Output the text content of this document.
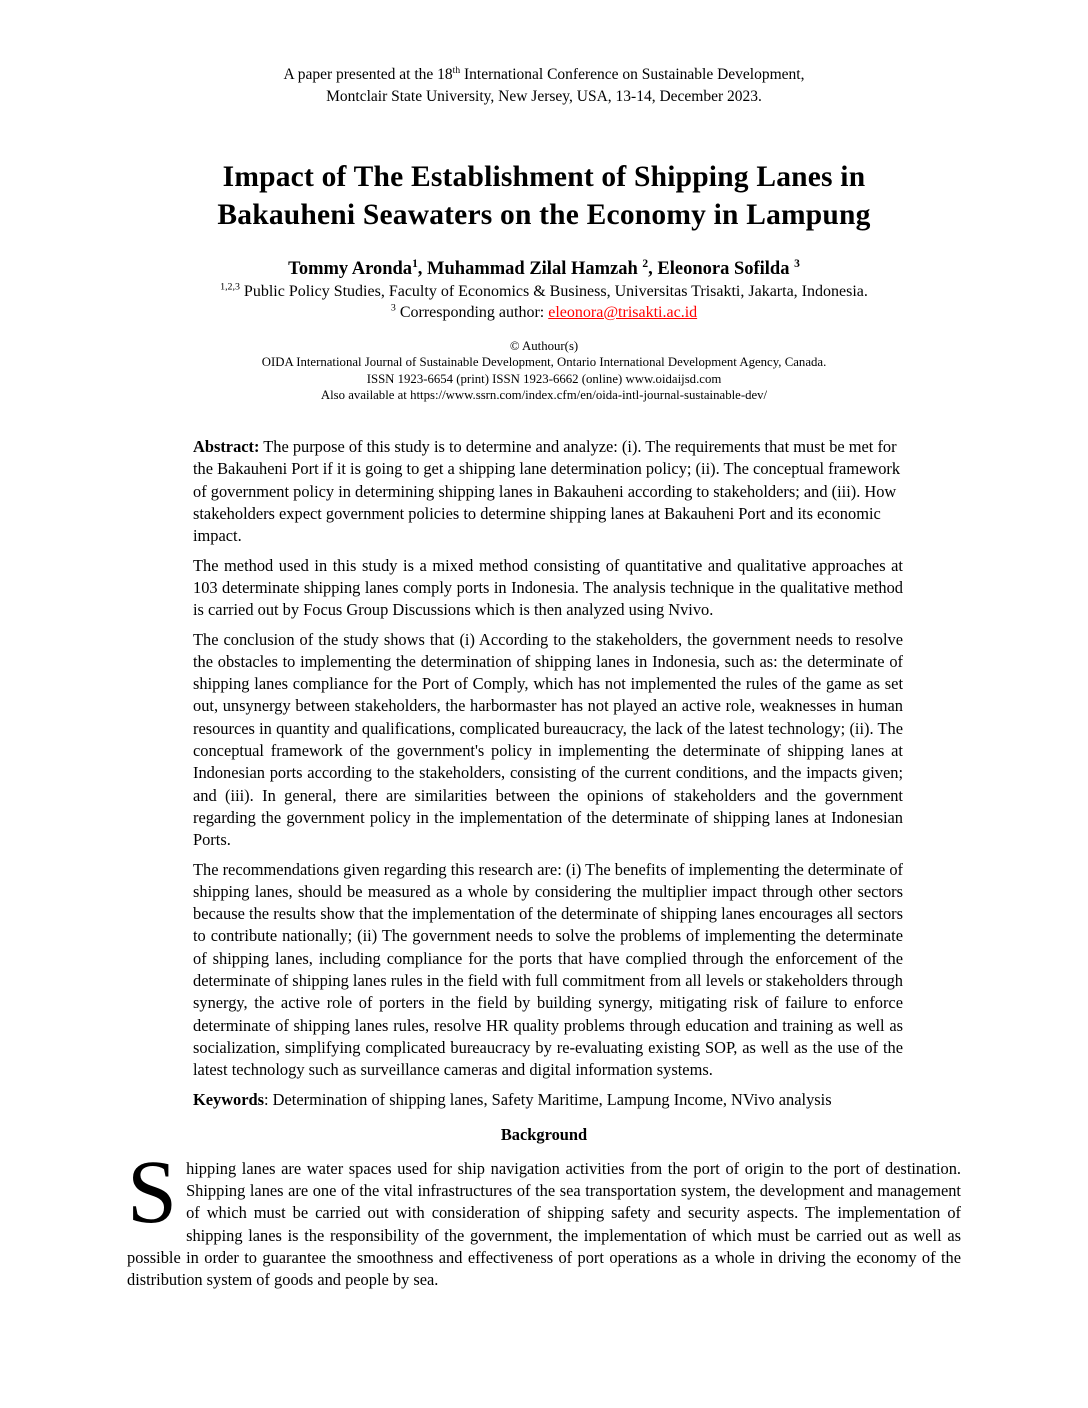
A paper presented at the 18th International Conference on Sustainable Development,
Montclair State University, New Jersey, USA, 13-14, December 2023.
Impact of The Establishment of Shipping Lanes in
Bakauheni Seawaters on the Economy in Lampung
Tommy Aronda$^1$, Muhammad Zilal Hamzah $^2$, Eleonora Sofilda $^3$
$^{1,2,3}$ Public Policy Studies, Faculty of Economics & Business, Universitas Trisakti, Jakarta, Indonesia.
$^3$ Corresponding author: eleonora@trisakti.ac.id
© Authour(s)
OIDA International Journal of Sustainable Development, Ontario International Development Agency, Canada.
ISSN 1923-6654 (print) ISSN 1923-6662 (online) www.oidaijsd.com
Also available at https://www.ssrn.com/index.cfm/en/oida-intl-journal-sustainable-dev/

Abstract: The purpose of this study is to determine and analyze: (i). The requirements that must be met for the Bakauheni Port if it is going to get a shipping lane determination policy; (ii). The conceptual framework of government policy in determining shipping lanes in Bakauheni according to stakeholders; and (iii). How stakeholders expect government policies to determine shipping lanes at Bakauheni Port and its economic impact.

The method used in this study is a mixed method consisting of quantitative and qualitative approaches at 103 determinate shipping lanes comply ports in Indonesia. The analysis technique in the qualitative method is carried out by Focus Group Discussions which is then analyzed using Nvivo.

The conclusion of the study shows that (i) According to the stakeholders, the government needs to resolve the obstacles to implementing the determination of shipping lanes in Indonesia, such as: the determinate of shipping lanes compliance for the Port of Comply, which has not implemented the rules of the game as set out, unsynergy between stakeholders, the harbormaster has not played an active role, weaknesses in human resources in quantity and qualifications, complicated bureaucracy, the lack of the latest technology; (ii). The conceptual framework of the government's policy in implementing the determinate of shipping lanes at Indonesian ports according to the stakeholders, consisting of the current conditions, and the impacts given; and (iii). In general, there are similarities between the opinions of stakeholders and the government regarding the government policy in the implementation of the determinate of shipping lanes at Indonesian Ports.

The recommendations given regarding this research are: (i) The benefits of implementing the determinate of shipping lanes, should be measured as a whole by considering the multiplier impact through other sectors because the results show that the implementation of the determinate of shipping lanes encourages all sectors to contribute nationally; (ii) The government needs to solve the problems of implementing the determinate of shipping lanes, including compliance for the ports that have complied through the enforcement of the determinate of shipping lanes rules in the field with full commitment from all levels or stakeholders through synergy, the active role of porters in the field by building synergy, mitigating risk of failure to enforce determinate of shipping lanes rules, resolve HR quality problems through education and training as well as socialization, simplifying complicated bureaucracy by re-evaluating existing SOP, as well as the use of the latest technology such as surveillance cameras and digital information systems.

Keywords: Determination of shipping lanes, Safety Maritime, Lampung Income, NVivo analysis

Background
Shipping lanes are water spaces used for ship navigation activities from the port of origin to the port of destination. Shipping lanes are one of the vital infrastructures of the sea transportation system, the development and management of which must be carried out with consideration of shipping safety and security aspects. The implementation of shipping lanes is the responsibility of the government, the implementation of which must be carried out as well as possible in order to guarantee the smoothness and effectiveness of port operations as a whole in driving the economy of the distribution system of goods and people by sea.
